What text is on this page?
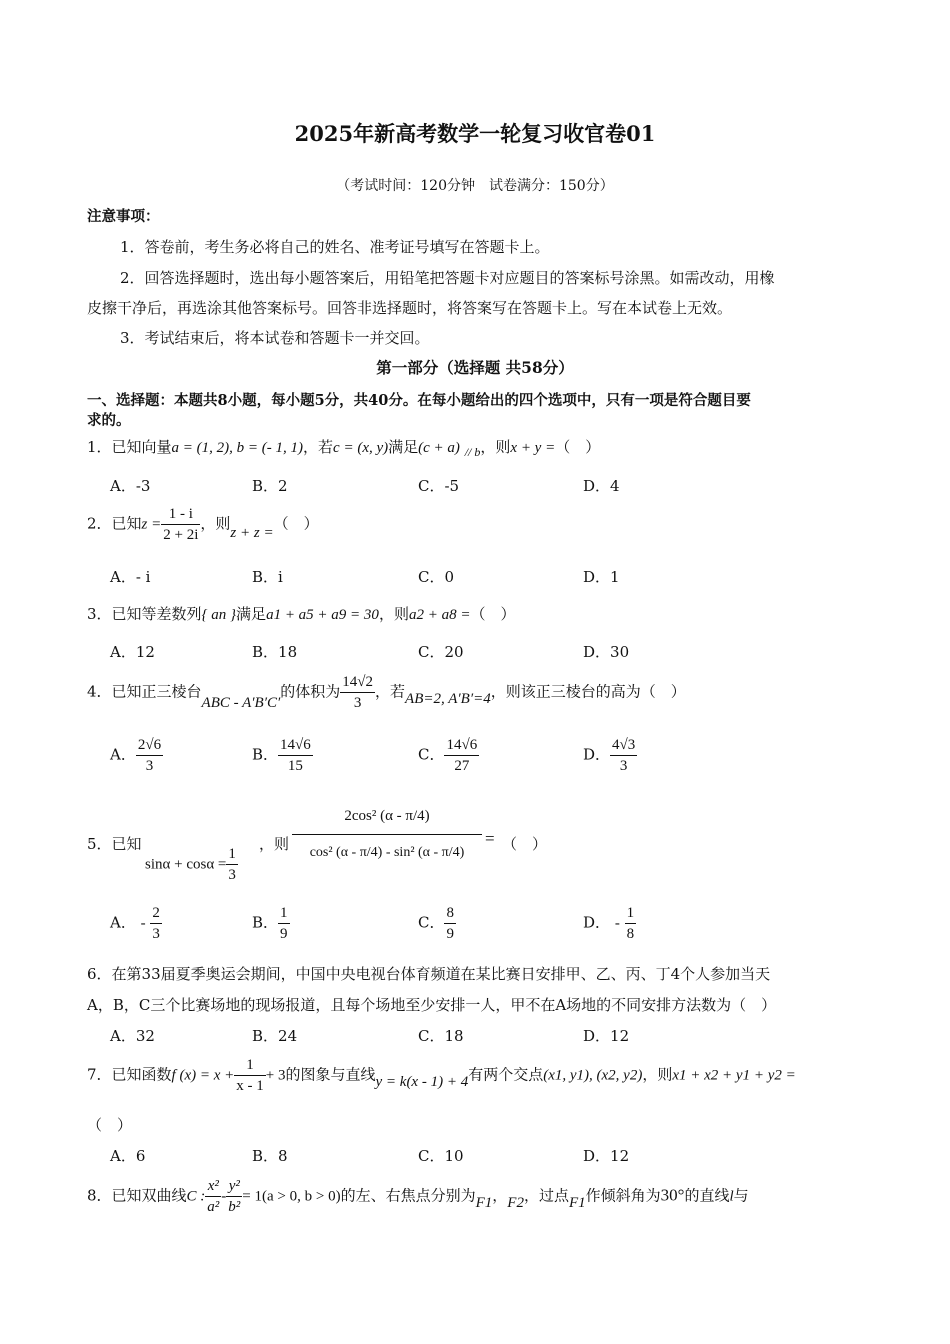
2025年新高考数学一轮复习收官卷01
（考试时间：120分钟　试卷满分：150分）
注意事项：
1．答卷前，考生务必将自己的姓名、准考证号填写在答题卡上。
2．回答选择题时，选出每小题答案后，用铅笔把答题卡对应题目的答案标号涂黑。如需改动，用橡
皮擦干净后，再选涂其他答案标号。回答非选择题时，将答案写在答题卡上。写在本试卷上无效。
3．考试结束后，将本试卷和答题卡一并交回。
第一部分（选择题 共58分）
一、选择题：本题共8小题，每小题5分，共40分。在每小题给出的四个选项中，只有一项是符合题目要
求的。
1．已知向量a = (1, 2), b = (- 1, 1)，若c = (x, y)满足(c + a) $_{// b}$，则x + y =（　）
A．-3	B．2	C．-5	D．4
2．已知$z = \frac{1 - i}{2 + 2i}$ ，则z + z =（　）
A．- i	B．i	C．0	D．1
3．已知等差数列{ an }满足a1 + a5 + a9 = 30，则a2 + a8 =（　）
A．12	B．18	C．20	D．30
4．已知正三棱台ABC - A′B′C′的体积为 $\frac{14√2}{3}$ ，若AB=2, A′B′=4，则该正三棱台的高为（　）
A． $\frac{2√6}{3}$	B． $\frac{14√6}{15}$	C． $\frac{14√6}{27}$	D． $\frac{4√3}{3}$
5．已知
$\sin\alpha + \cos\alpha = \frac{1}{3}$ ，则
2cos² (α - π/4)
cos² (α - π/4) - sin² (α - π/4)
= （　）
A． - $\frac{2}{3}$	B． $\frac{1}{9}$	C． $\frac{8}{9}$	D． - $\frac{1}{8}$
6．在第33届夏季奥运会期间，中国中央电视台体育频道在某比赛日安排甲、乙、丙、丁4个人参加当天
A，B，C三个比赛场地的现场报道，且每个场地至少安排一人，甲不在A场地的不同安排方法数为（　）
A．32	B．24	C．18	D．12
7．已知函数f $(x) = x + \frac{1}{x - 1} + 3$的图象与直线y = k(x - 1) + 4有两个交点(x1, y1), (x2, y2)，则x1 + x2 + y1 + y2 =
（　）
A．6	B．8	C．10	D．12
8．已知双曲线C : $\frac{\text{x²}}{\text{a²}} - \frac{\text{y²}}{\text{b²}} = 1(a > 0$, b > 0)的左、右焦点分别为F1，F2，过点F1作倾斜角为30°的直线l与
